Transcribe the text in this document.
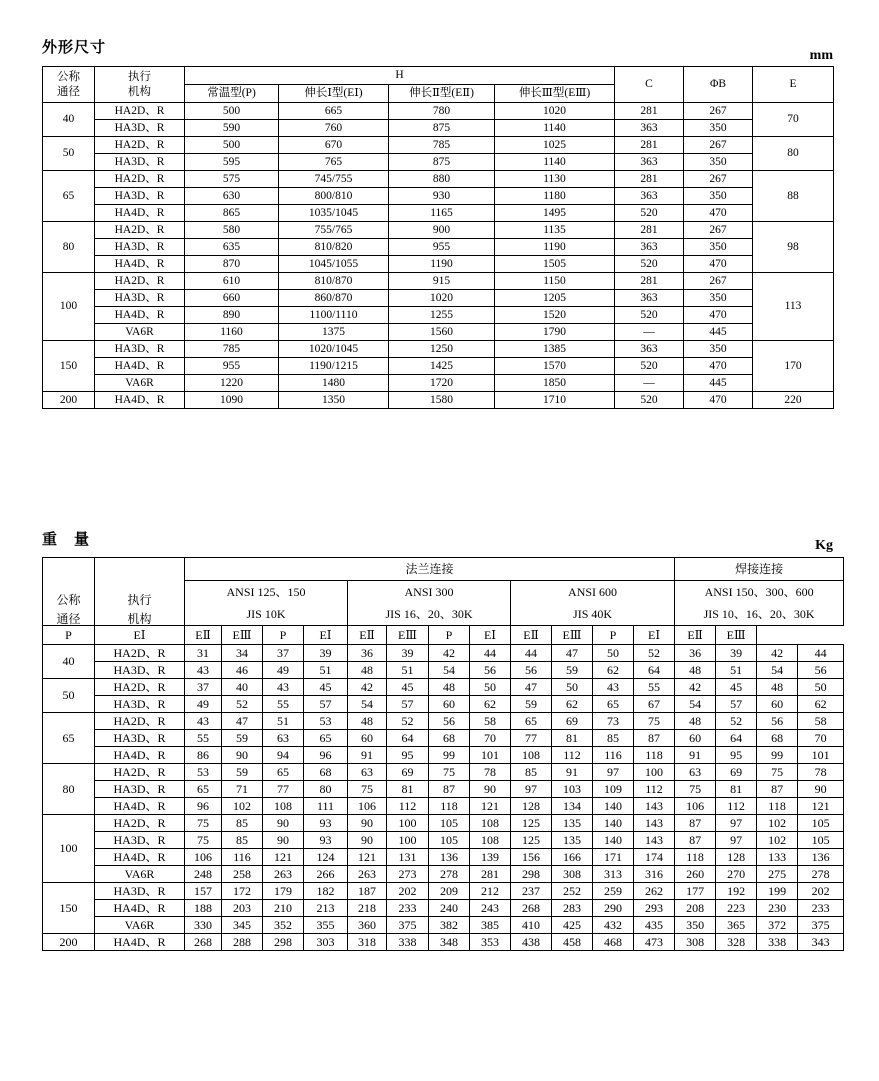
外形尺寸	mm
公称
通径	执行
机构	H				C	ΦB	E
		常温型(P)	伸长Ⅰ型(EⅠ)	伸长Ⅱ型(EⅡ)	伸长Ⅲ型(EⅢ)			
40	HA2D、R	500	665	780	1020	281	267	70
	HA3D、R	590	760	875	1140	363	350	
50	HA2D、R	500	670	785	1025	281	267	80
	HA3D、R	595	765	875	1140	363	350	
65	HA2D、R	575	745/755	880	1130	281	267	88
	HA3D、R	630	800/810	930	1180	363	350	
	HA4D、R	865	1035/1045	1165	1495	520	470	
80	HA2D、R	580	755/765	900	1135	281	267	98
	HA3D、R	635	810/820	955	1190	363	350	
	HA4D、R	870	1045/1055	1190	1505	520	470	
100	HA2D、R	610	810/870	915	1150	281	267	113
	HA3D、R	660	860/870	1020	1205	363	350	
	HA4D、R	890	1100/1110	1255	1520	520	470	
	VA6R	1160	1375	1560	1790	—	445	
150	HA3D、R	785	1020/1045	1250	1385	363	350	170
	HA4D、R	955	1190/1215	1425	1570	520	470	
	VA6R	1220	1480	1720	1850	—	445	
200	HA4D、R	1090	1350	1580	1710	520	470	220
重　量	Kg
		法兰连接												焊接连接			
		ANSI 125、150				ANSI 300				ANSI 600				ANSI 150、300、600			
		JIS 10K				JIS 16、20、30K				JIS 40K				JIS 10、16、20、30K			
P	EⅠ	EⅡ	EⅢ	P	EⅠ	EⅡ	EⅢ	P	EⅠ	EⅡ	EⅢ	P	EⅠ	EⅡ	EⅢ		
40	HA2D、R	31	34	37	39	36	39	42	44	44	47	50	52	36	39	42	44
	HA3D、R	43	46	49	51	48	51	54	56	56	59	62	64	48	51	54	56
50	HA2D、R	37	40	43	45	42	45	48	50	47	50	43	55	42	45	48	50
	HA3D、R	49	52	55	57	54	57	60	62	59	62	65	67	54	57	60	62
65	HA2D、R	43	47	51	53	48	52	56	58	65	69	73	75	48	52	56	58
	HA3D、R	55	59	63	65	60	64	68	70	77	81	85	87	60	64	68	70
	HA4D、R	86	90	94	96	91	95	99	101	108	112	116	118	91	95	99	101
80	HA2D、R	53	59	65	68	63	69	75	78	85	91	97	100	63	69	75	78
	HA3D、R	65	71	77	80	75	81	87	90	97	103	109	112	75	81	87	90
	HA4D、R	96	102	108	111	106	112	118	121	128	134	140	143	106	112	118	121
100	HA2D、R	75	85	90	93	90	100	105	108	125	135	140	143	87	97	102	105
	HA3D、R	75	85	90	93	90	100	105	108	125	135	140	143	87	97	102	105
	HA4D、R	106	116	121	124	121	131	136	139	156	166	171	174	118	128	133	136
	VA6R	248	258	263	266	263	273	278	281	298	308	313	316	260	270	275	278
150	HA3D、R	157	172	179	182	187	202	209	212	237	252	259	262	177	192	199	202
	HA4D、R	188	203	210	213	218	233	240	243	268	283	290	293	208	223	230	233
	VA6R	330	345	352	355	360	375	382	385	410	425	432	435	350	365	372	375
200	HA4D、R	268	288	298	303	318	338	348	353	438	458	468	473	308	328	338	343
公称
通径
执行
机构
